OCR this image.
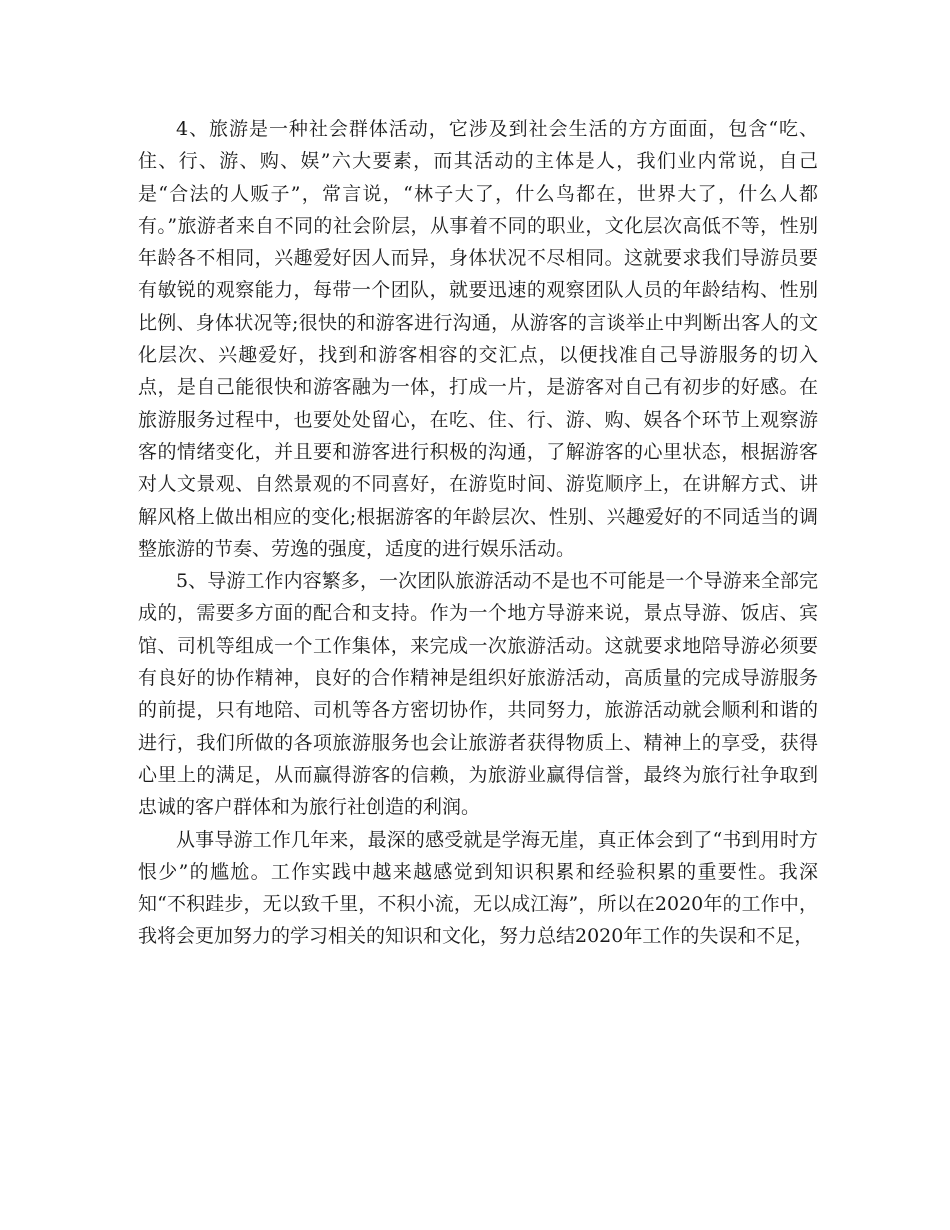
4、旅游是一种社会群体活动，它涉及到社会生活的方方面面，包含“吃、住、行、游、购、娱”六大要素，而其活动的主体是人，我们业内常说，自己是“合法的人贩子”，常言说，“林子大了，什么鸟都在，世界大了，什么人都有。”旅游者来自不同的社会阶层，从事着不同的职业，文化层次高低不等，性别年龄各不相同，兴趣爱好因人而异，身体状况不尽相同。这就要求我们导游员要有敏锐的观察能力，每带一个团队，就要迅速的观察团队人员的年龄结构、性别比例、身体状况等;很快的和游客进行沟通，从游客的言谈举止中判断出客人的文化层次、兴趣爱好，找到和游客相容的交汇点，以便找准自己导游服务的切入点，是自己能很快和游客融为一体，打成一片，是游客对自己有初步的好感。在旅游服务过程中，也要处处留心，在吃、住、行、游、购、娱各个环节上观察游客的情绪变化，并且要和游客进行积极的沟通，了解游客的心里状态，根据游客对人文景观、自然景观的不同喜好，在游览时间、游览顺序上，在讲解方式、讲解风格上做出相应的变化;根据游客的年龄层次、性别、兴趣爱好的不同适当的调整旅游的节奏、劳逸的强度，适度的进行娱乐活动。

5、导游工作内容繁多，一次团队旅游活动不是也不可能是一个导游来全部完成的，需要多方面的配合和支持。作为一个地方导游来说，景点导游、饭店、宾馆、司机等组成一个工作集体，来完成一次旅游活动。这就要求地陪导游必须要有良好的协作精神，良好的合作精神是组织好旅游活动，高质量的完成导游服务的前提，只有地陪、司机等各方密切协作，共同努力，旅游活动就会顺利和谐的进行，我们所做的各项旅游服务也会让旅游者获得物质上、精神上的享受，获得心里上的满足，从而赢得游客的信赖，为旅游业赢得信誉，最终为旅行社争取到忠诚的客户群体和为旅行社创造的利润。

从事导游工作几年来，最深的感受就是学海无崖，真正体会到了“书到用时方恨少”的尴尬。工作实践中越来越感觉到知识积累和经验积累的重要性。我深知“不积跬步，无以致千里，不积小流，无以成江海”，所以在2020年的工作中，我将会更加努力的学习相关的知识和文化，努力总结2020年工作的失误和不足，
